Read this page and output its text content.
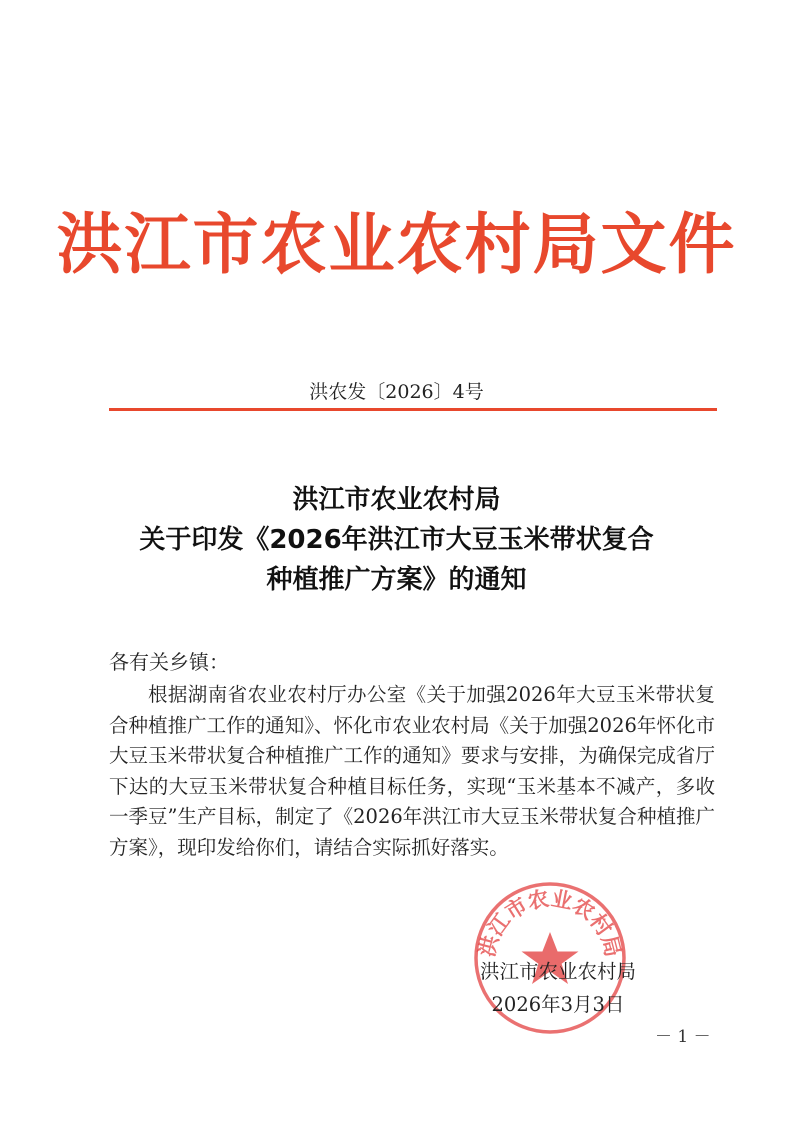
洪江市农业农村局文件
洪农发〔2026〕4号
洪江市农业农村局
关于印发《2026年洪江市大豆玉米带状复合
种植推广方案》的通知
各有关乡镇：
根据湖南省农业农村厅办公室《关于加强2026年大豆玉米带状复合种植推广工作的通知》、怀化市农业农村局《关于加强2026年怀化市大豆玉米带状复合种植推广工作的通知》要求与安排，为确保完成省厅下达的大豆玉米带状复合种植目标任务，实现“玉米基本不减产，多收一季豆”生产目标，制定了《2026年洪江市大豆玉米带状复合种植推广方案》，现印发给你们，请结合实际抓好落实。
洪江市农业农村局
洪江市农业农村局
2026年3月3日
－ 1 －
